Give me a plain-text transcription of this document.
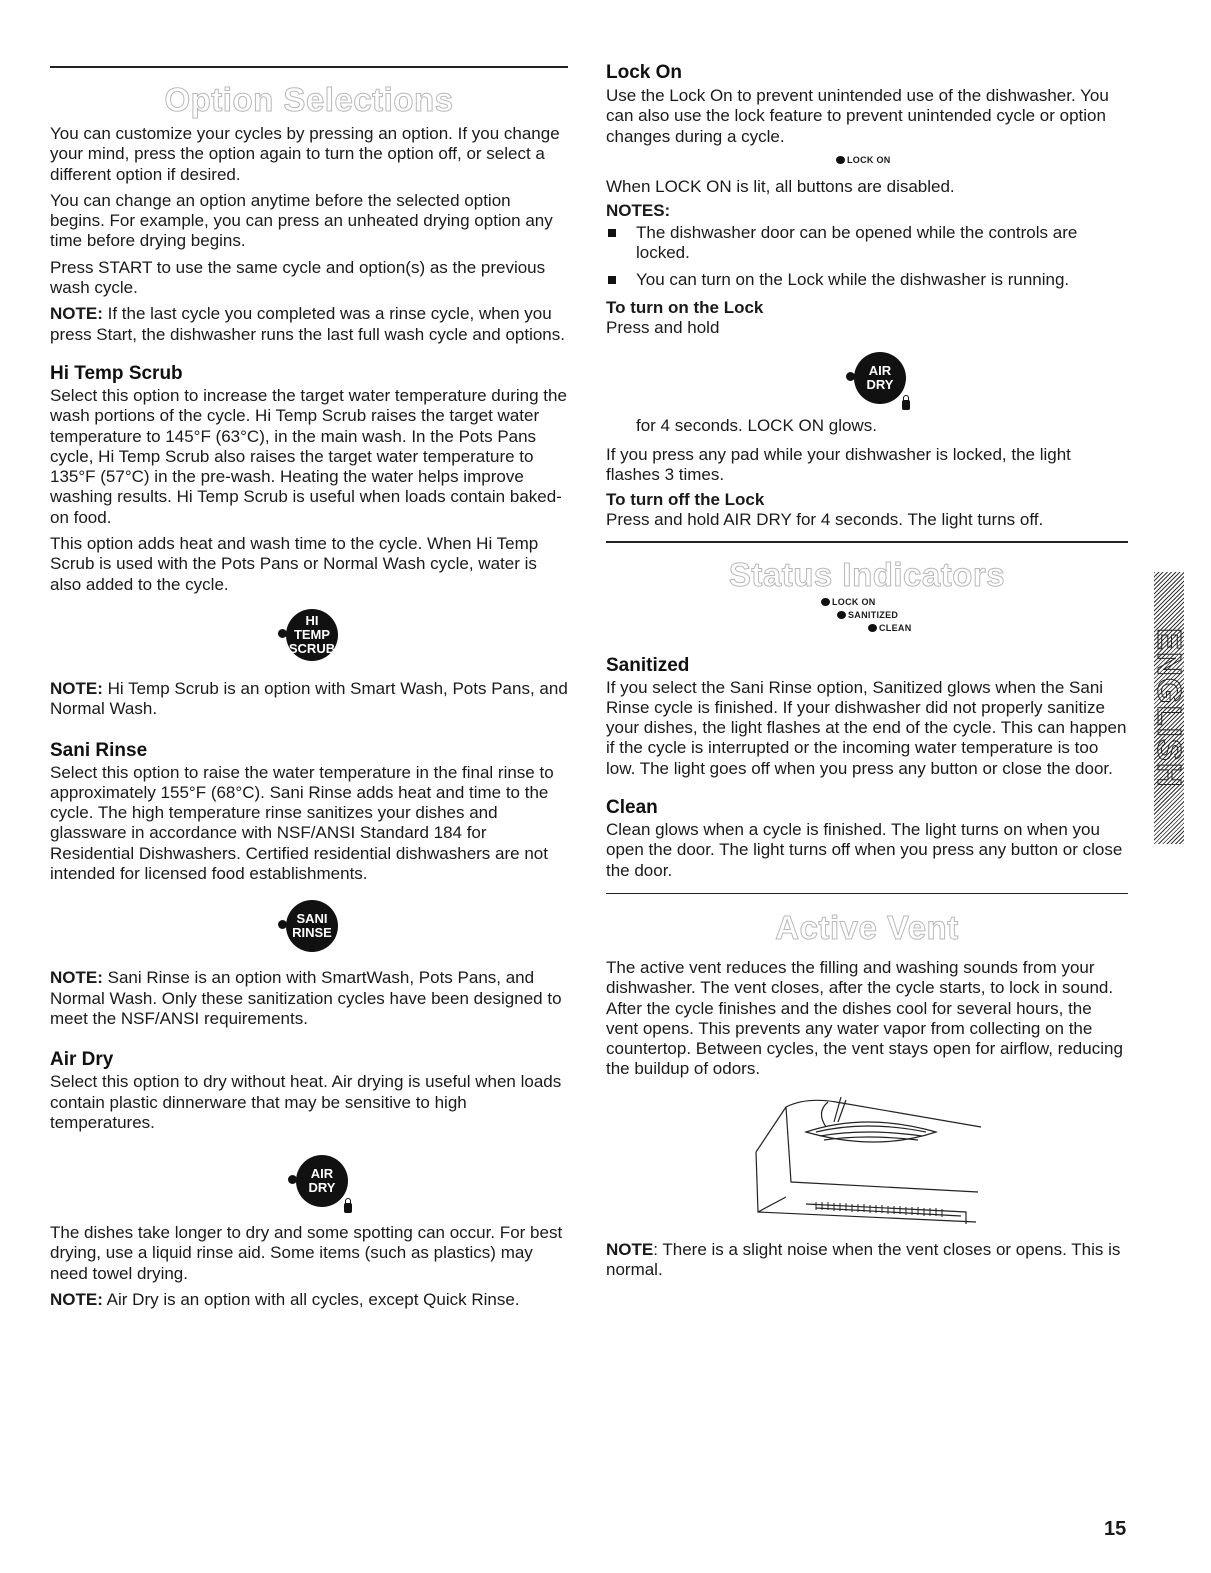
Option Selections

You can customize your cycles by pressing an option. If you change your mind, press the option again to turn the option off, or select a different option if desired.

You can change an option anytime before the selected option begins. For example, you can press an unheated drying option any time before drying begins.

Press START to use the same cycle and option(s) as the previous wash cycle.

NOTE: If the last cycle you completed was a rinse cycle, when you press Start, the dishwasher runs the last full wash cycle and options.

Hi Temp Scrub

Select this option to increase the target water temperature during the wash portions of the cycle. Hi Temp Scrub raises the target water temperature to 145°F (63°C), in the main wash. In the Pots Pans cycle, Hi Temp Scrub also raises the target water temperature to 135°F (57°C) in the pre-wash. Heating the water helps improve washing results. Hi Temp Scrub is useful when loads contain baked-on food.

This option adds heat and wash time to the cycle. When Hi Temp Scrub is used with the Pots Pans or Normal Wash cycle, water is also added to the cycle.

HI TEMP
SCRUB

NOTE: Hi Temp Scrub is an option with Smart Wash, Pots Pans, and Normal Wash.

Sani Rinse

Select this option to raise the water temperature in the final rinse to approximately 155°F (68°C). Sani Rinse adds heat and time to the cycle. The high temperature rinse sanitizes your dishes and glassware in accordance with NSF/ANSI Standard 184 for Residential Dishwashers. Certified residential dishwashers are not intended for licensed food establishments.

SANI
RINSE

NOTE: Sani Rinse is an option with SmartWash, Pots Pans, and Normal Wash. Only these sanitization cycles have been designed to meet the NSF/ANSI requirements.

Air Dry

Select this option to dry without heat. Air drying is useful when loads contain plastic dinnerware that may be sensitive to high temperatures.

AIR
DRY

The dishes take longer to dry and some spotting can occur. For best drying, use a liquid rinse aid. Some items (such as plastics) may need towel drying.

NOTE: Air Dry is an option with all cycles, except Quick Rinse.

Lock On

Use the Lock On to prevent unintended use of the dishwasher. You can also use the lock feature to prevent unintended cycle or option changes during a cycle.

LOCK ON

When LOCK ON is lit, all buttons are disabled.

NOTES:

The dishwasher door can be opened while the controls are locked.

You can turn on the Lock while the dishwasher is running.

To turn on the Lock

Press and hold

AIR
DRY

for 4 seconds. LOCK ON glows.

If you press any pad while your dishwasher is locked, the light flashes 3 times.

To turn off the Lock

Press and hold AIR DRY for 4 seconds. The light turns off.

Status Indicators
LOCK ON
SANITIZED
CLEAN
Sanitized

If you select the Sani Rinse option, Sanitized glows when the Sani Rinse cycle is finished. If your dishwasher did not properly sanitize your dishes, the light flashes at the end of the cycle. This can happen if the cycle is interrupted or the incoming water temperature is too low. The light goes off when you press any button or close the door.

Clean

Clean glows when a cycle is finished. The light turns on when you open the door. The light turns off when you press any button or close the door.

Active Vent

The active vent reduces the filling and washing sounds from your dishwasher. The vent closes, after the cycle starts, to lock in sound. After the cycle finishes and the dishes cool for several hours, the vent opens. This prevents any water vapor from collecting on the countertop. Between cycles, the vent stays open for airflow, reducing the buildup of odors.

NOTE: There is a slight noise when the vent closes or opens. This is normal.

ENGLISH
15
